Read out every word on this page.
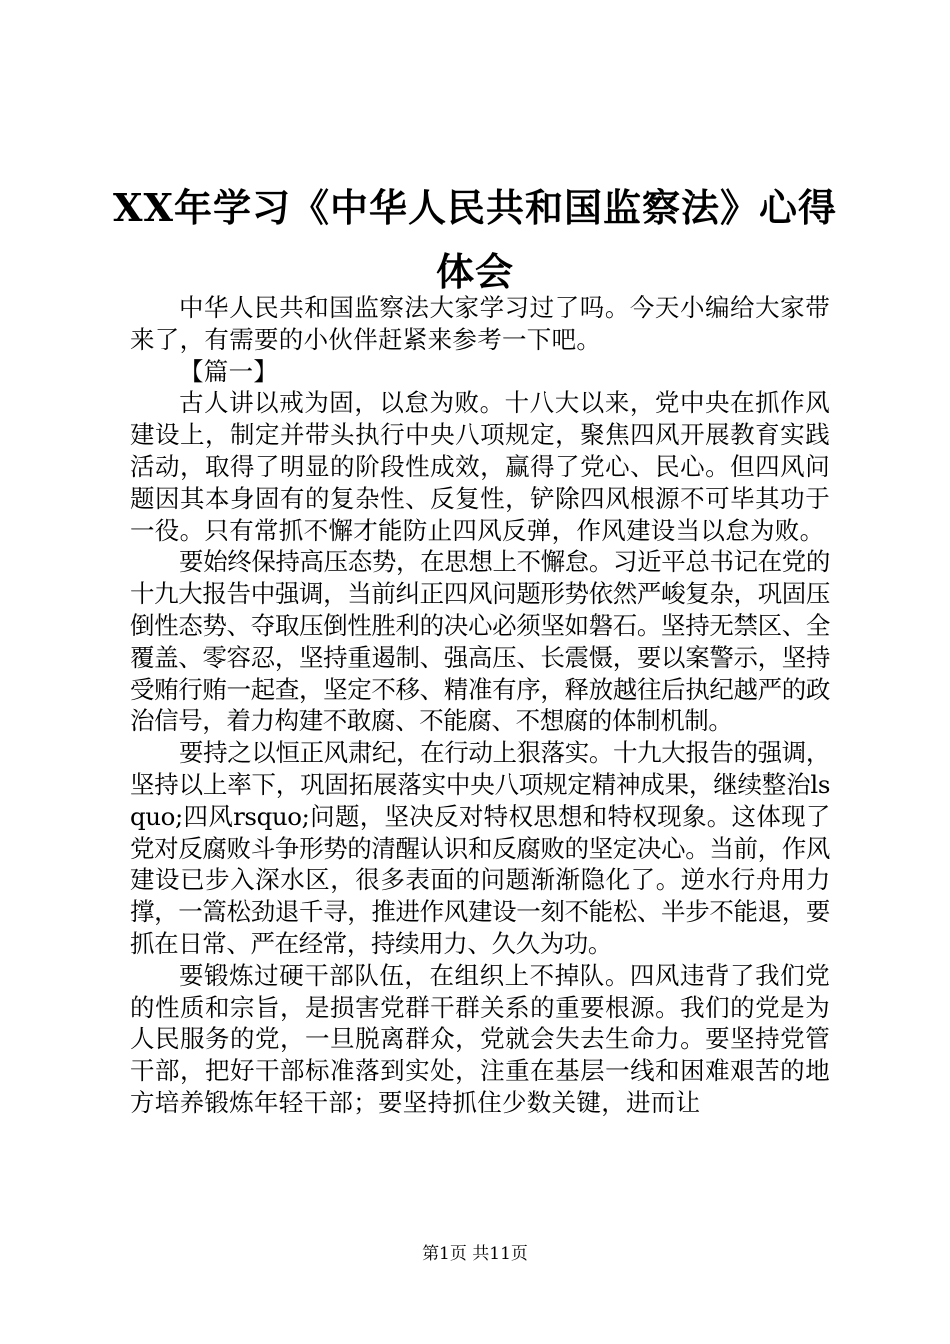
XX年学习《中华人民共和国监察法》心得体会

中华人民共和国监察法大家学习过了吗。今天小编给大家带来了，有需要的小伙伴赶紧来参考一下吧。

【篇一】

古人讲以戒为固，以怠为败。十八大以来，党中央在抓作风建设上，制定并带头执行中央八项规定，聚焦四风开展教育实践活动，取得了明显的阶段性成效，赢得了党心、民心。但四风问题因其本身固有的复杂性、反复性，铲除四风根源不可毕其功于一役。只有常抓不懈才能防止四风反弹，作风建设当以怠为败。

要始终保持高压态势，在思想上不懈怠。习近平总书记在党的十九大报告中强调，当前纠正四风问题形势依然严峻复杂，巩固压倒性态势、夺取压倒性胜利的决心必须坚如磐石。坚持无禁区、全覆盖、零容忍，坚持重遏制、强高压、长震慑，要以案警示，坚持受贿行贿一起查，坚定不移、精准有序，释放越往后执纪越严的政治信号，着力构建不敢腐、不能腐、不想腐的体制机制。

要持之以恒正风肃纪，在行动上狠落实。十九大报告的强调，坚持以上率下，巩固拓展落实中央八项规定精神成果，继续整治lsquo;四风rsquo;问题，坚决反对特权思想和特权现象。这体现了党对反腐败斗争形势的清醒认识和反腐败的坚定决心。当前，作风建设已步入深水区，很多表面的问题渐渐隐化了。逆水行舟用力撑，一篙松劲退千寻，推进作风建设一刻不能松、半步不能退，要抓在日常、严在经常，持续用力、久久为功。

要锻炼过硬干部队伍，在组织上不掉队。四风违背了我们党的性质和宗旨，是损害党群干群关系的重要根源。我们的党是为人民服务的党，一旦脱离群众，党就会失去生命力。要坚持党管干部，把好干部标准落到实处，注重在基层一线和困难艰苦的地方培养锻炼年轻干部；要坚持抓住少数关键，进而让

第1页 共11页
